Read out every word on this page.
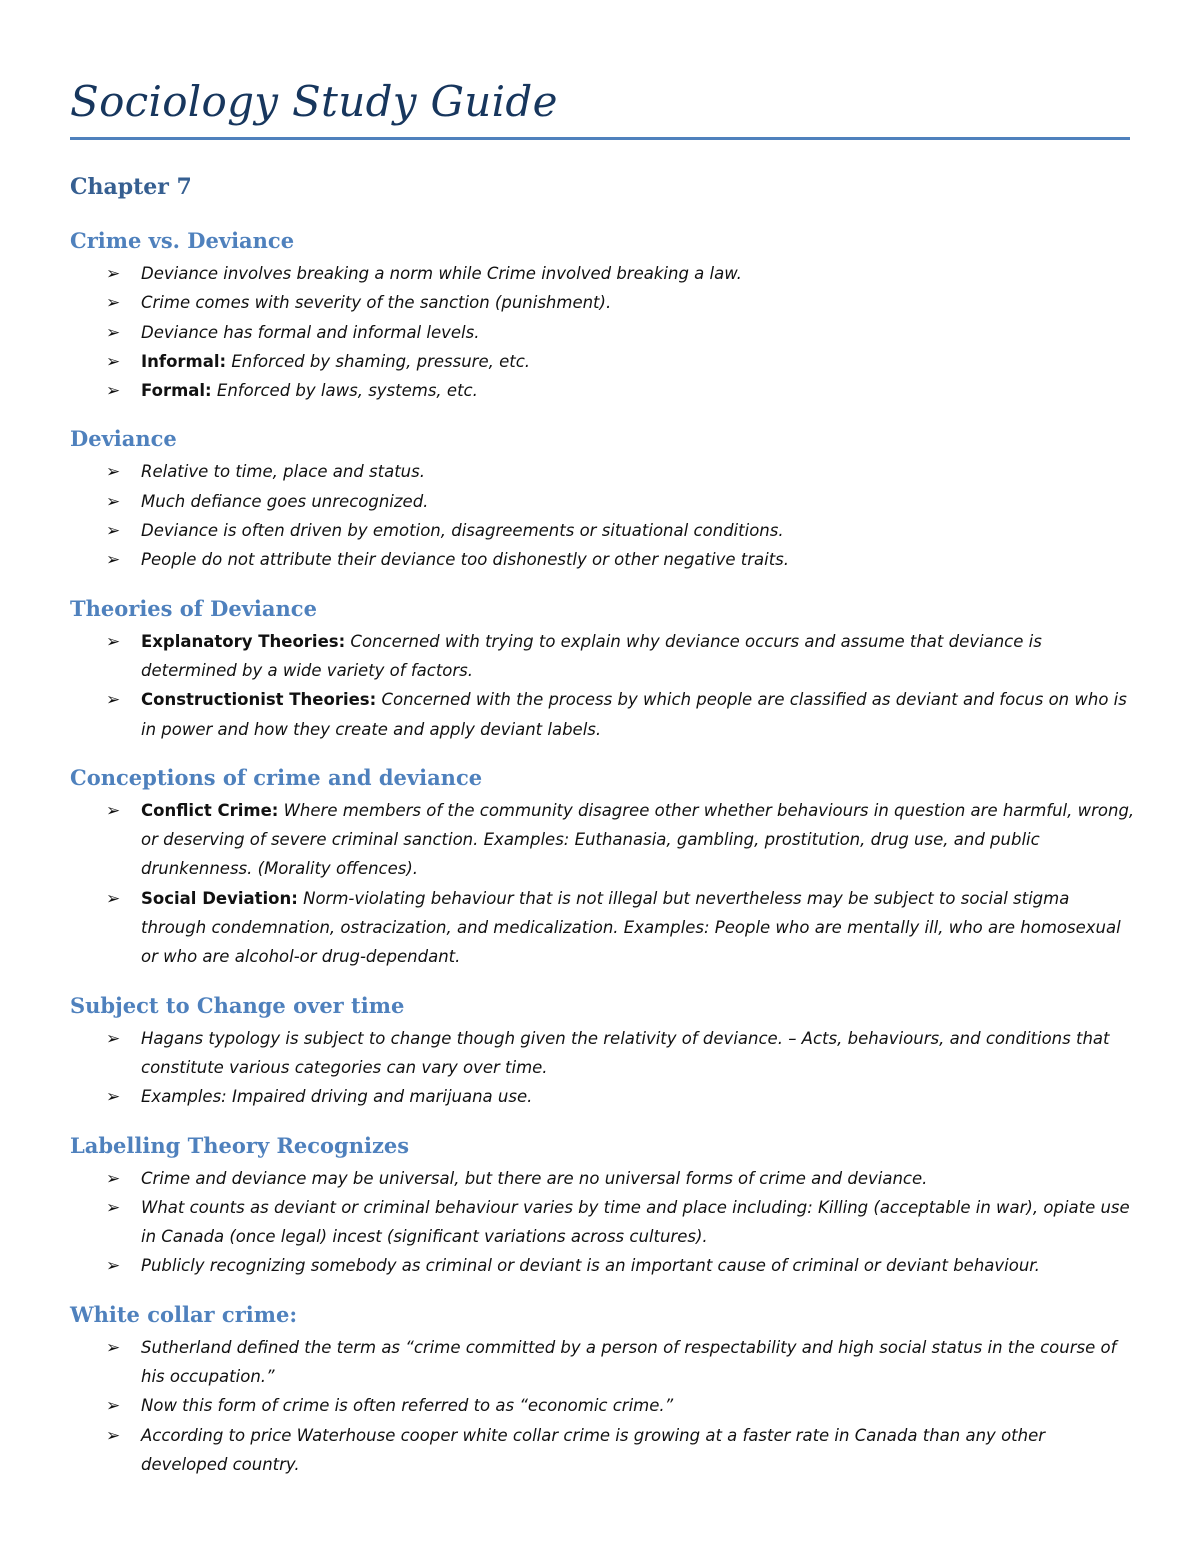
Sociology Study Guide
Chapter 7
Crime vs. Deviance
➢ Deviance involves breaking a norm while Crime involved breaking a law.
➢ Crime comes with severity of the sanction (punishment).
➢ Deviance has formal and informal levels.
➢ Informal: Enforced by shaming, pressure, etc.
➢ Formal: Enforced by laws, systems, etc.
Deviance
➢ Relative to time, place and status.
➢ Much defiance goes unrecognized.
➢ Deviance is often driven by emotion, disagreements or situational conditions.
➢ People do not attribute their deviance too dishonestly or other negative traits.
Theories of Deviance
➢ Explanatory Theories: Concerned with trying to explain why deviance occurs and assume that deviance is determined by a wide variety of factors.
➢ Constructionist Theories: Concerned with the process by which people are classified as deviant and focus on who is in power and how they create and apply deviant labels.
Conceptions of crime and deviance
➢ Conflict Crime: Where members of the community disagree other whether behaviours in question are harmful, wrong, or deserving of severe criminal sanction. Examples: Euthanasia, gambling, prostitution, drug use, and public drunkenness. (Morality offences).
➢ Social Deviation: Norm-violating behaviour that is not illegal but nevertheless may be subject to social stigma through condemnation, ostracization, and medicalization. Examples: People who are mentally ill, who are homosexual or who are alcohol-or drug-dependant.
Subject to Change over time
➢ Hagans typology is subject to change though given the relativity of deviance. – Acts, behaviours, and conditions that constitute various categories can vary over time.
➢ Examples: Impaired driving and marijuana use.
Labelling Theory Recognizes
➢ Crime and deviance may be universal, but there are no universal forms of crime and deviance.
➢ What counts as deviant or criminal behaviour varies by time and place including: Killing (acceptable in war), opiate use in Canada (once legal) incest (significant variations across cultures).
➢ Publicly recognizing somebody as criminal or deviant is an important cause of criminal or deviant behaviour.
White collar crime:
➢ Sutherland defined the term as “crime committed by a person of respectability and high social status in the course of his occupation.”
➢ Now this form of crime is often referred to as “economic crime.”
➢ According to price Waterhouse cooper white collar crime is growing at a faster rate in Canada than any other developed country.
